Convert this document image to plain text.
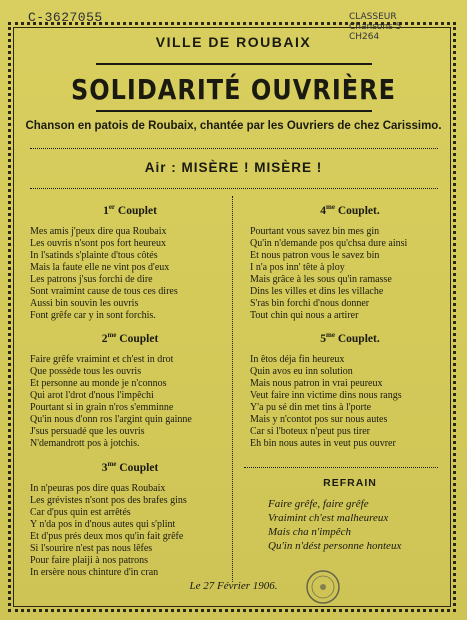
C-3627055	CLASSEUR
Chansons 5
CH264
VILLE DE ROUBAIX
SOLIDARITÉ OUVRIÈRE
Chanson en patois de Roubaix, chantée par les Ouvriers de chez Carissimo.
Air : MISÈRE ! MISÈRE !
1er Couplet
Mes amis j'peux dire qua Roubaix
Les ouvris n'sont pos fort heureux
In l'satinds s'plainte d'tous côtés
Mais la faute elle ne vint pos d'eux
Les patrons j'sus forchi de dire
Sont vraimint cause de tous ces dires
Aussi bin souvin les ouvris
Font grêfe car y in sont forchis.
$2^{me}$ Couplet
Faire grêfe vraimint et ch'est in drot
Que possède tous les ouvris
Et personne au monde je n'connos
Qui arot l'drot d'nous l'impêchi
Pourtant si in grain n'ros s'emminne
Qu'in nous d'onn ros l'argint quin gainne
J'sus persuadé que les ouvris
N'demandrott pos à jotchis.
$3^{me}$ Couplet
In n'peuras pos dire quas Roubaix
Les grévistes n'sont pos des brafes gins
Car d'pus quin est arrêtés
Y n'da pos in d'nous autes qui s'plint
Et d'pus prés deux mos qu'in fait grêfe
Si l'sourire n'est pas nous lêfes
Pour faire plaiji à nos patrons
In ersère nous chinture d'in cran
$4^{me}$ Couplet.
Pourtant vous savez bin mes gin
Qu'in n'demande pos qu'chsa dure ainsi
Et nous patron vous le savez bin
I n'a pos inn' tête à ploy
Mais grâce à les sous qu'in ramasse
Dins les villes et dins les villache
S'ras bin forchi d'nous donner
Tout chin qui nous a artirer
$5^{me}$ Couplet.
In êtos déja fin heureux
Quin avos eu inn solution
Mais nous patron in vrai peureux
Veut faire inn victime dins nous rangs
Y'a pu sé din met tins à l'porte
Mais y n'contot pos sur nous autes
Car si l'boteux n'peut pus tirer
Eh bin nous autes in veut pus ouvrer
REFRAIN
Faire grêfe, faire grêfe
Vraimint ch'est malheureux
Mais cha n'impêch
Qu'in n'dést personne honteux
Le 27 Février 1906.
